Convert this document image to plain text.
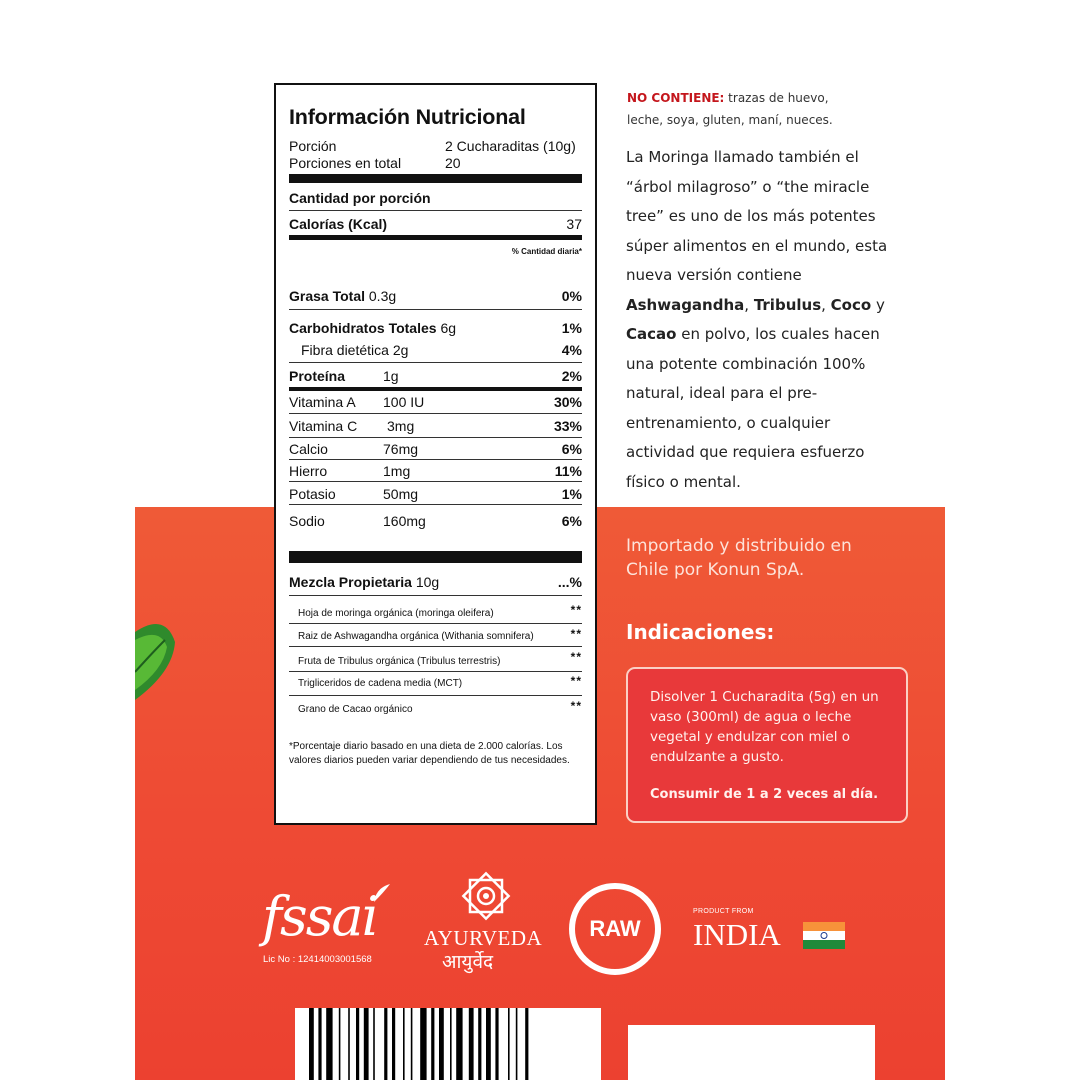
Información Nutricional
Porción	2 Cucharaditas (10g)
Porciones en total	20
Cantidad por porción
Calorías (Kcal)	37
% Cantidad diaria*
Grasa Total 0.3g	0%
Carbohidratos Totales 6g	1%
Fibra dietética 2g	4%
Proteína	1g	2%
Vitamina A 100 IU	30%
Vitamina C 3mg	33%
Calcio	76mg	6%
Hierro	1mg	11%
Potasio	50mg	1%
Sodio	160mg	6%
Mezcla Propietaria 10g	...%
Hoja de moringa orgánica (moringa oleifera)	**
Raiz de Ashwagandha orgánica (Withania somnifera)	**
Fruta de Tribulus orgánica (Tribulus terrestris)	**
Trigliceridos de cadena media (MCT)	**
Grano de Cacao orgánico	**
*Porcentaje diario basado en una dieta de 2.000 calorías. Los valores diarios pueden variar dependiendo de tus necesidades.
NO CONTIENE: trazas de huevo, leche, soya, gluten, maní, nueces.
La Moringa llamado también el “árbol milagroso” o “the miracle tree” es uno de los más potentes súper alimentos en el mundo, esta nueva versión contiene Ashwagandha, Tribulus, Coco y Cacao en polvo, los cuales hacen una potente combinación 100% natural, ideal para el pre-entrenamiento, o cualquier actividad que requiera esfuerzo físico o mental.
Importado y distribuido en Chile por Konun SpA.
Indicaciones:
Disolver 1 Cucharadita (5g) en un vaso (300ml) de agua o leche vegetal y endulzar con miel o endulzante a gusto.
Consumir de 1 a 2 veces al día.
fssai
Lic No : 12414003001568
AYURVEDA
आयुर्वेद
RAW
PRODUCT FROM
INDIA
